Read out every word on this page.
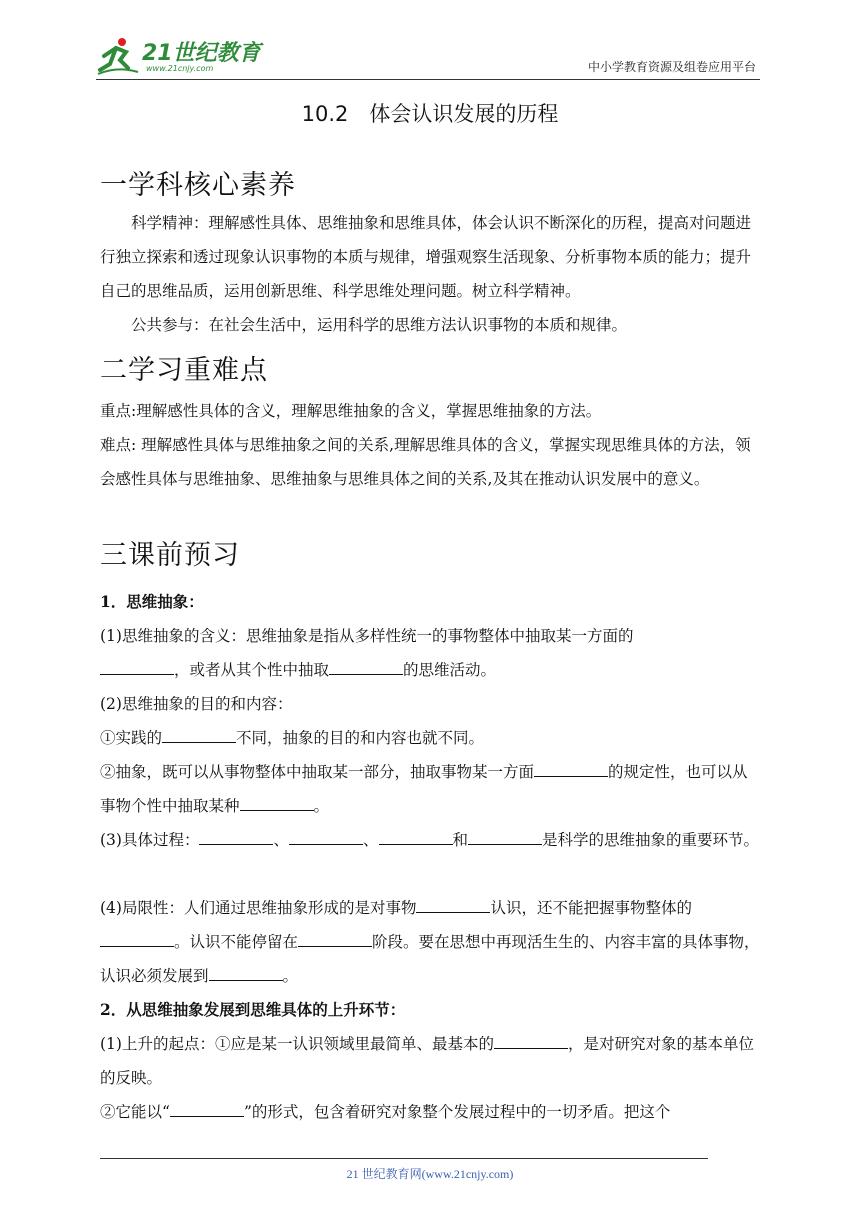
21世纪教育
www.21cnjy.com	中小学教育资源及组卷应用平台
10.2　体会认识发展的历程
一学科核心素养
科学精神：理解感性具体、思维抽象和思维具体，体会认识不断深化的历程，提高对问题进行独立探索和透过现象认识事物的本质与规律，增强观察生活现象、分析事物本质的能力；提升自己的思维品质，运用创新思维、科学思维处理问题。树立科学精神。
公共参与：在社会生活中，运用科学的思维方法认识事物的本质和规律。
二学习重难点
重点:理解感性具体的含义，理解思维抽象的含义，掌握思维抽象的方法。
难点: 理解感性具体与思维抽象之间的关系,理解思维具体的含义，掌握实现思维具体的方法，领会感性具体与思维抽象、思维抽象与思维具体之间的关系,及其在推动认识发展中的意义。
三课前预习
1．思维抽象：
(1)思维抽象的含义：思维抽象是指从多样性统一的事物整体中抽取某一方面的
，或者从其个性中抽取	的思维活动。
(2)思维抽象的目的和内容：
①实践的	不同，抽象的目的和内容也就不同。
②抽象，既可以从事物整体中抽取某一部分，抽取事物某一方面	的规定性，也可以从事物个性中抽取某种	。
(3)具体过程：	、	、	和	是科学的思维抽象的重要环节。
(4)局限性：人们通过思维抽象形成的是对事物	认识，还不能把握事物整体的。认识不能停留在	阶段。要在思想中再现活生生的、内容丰富的具体事物，认识必须发展到	。
2．从思维抽象发展到思维具体的上升环节：
(1)上升的起点：①应是某一认识领域里最简单、最基本的	，是对研究对象的基本单位的反映。
②它能以“	”的形式，包含着研究对象整个发展过程中的一切矛盾。把这个
21 世纪教育网(www.21cnjy.com)
